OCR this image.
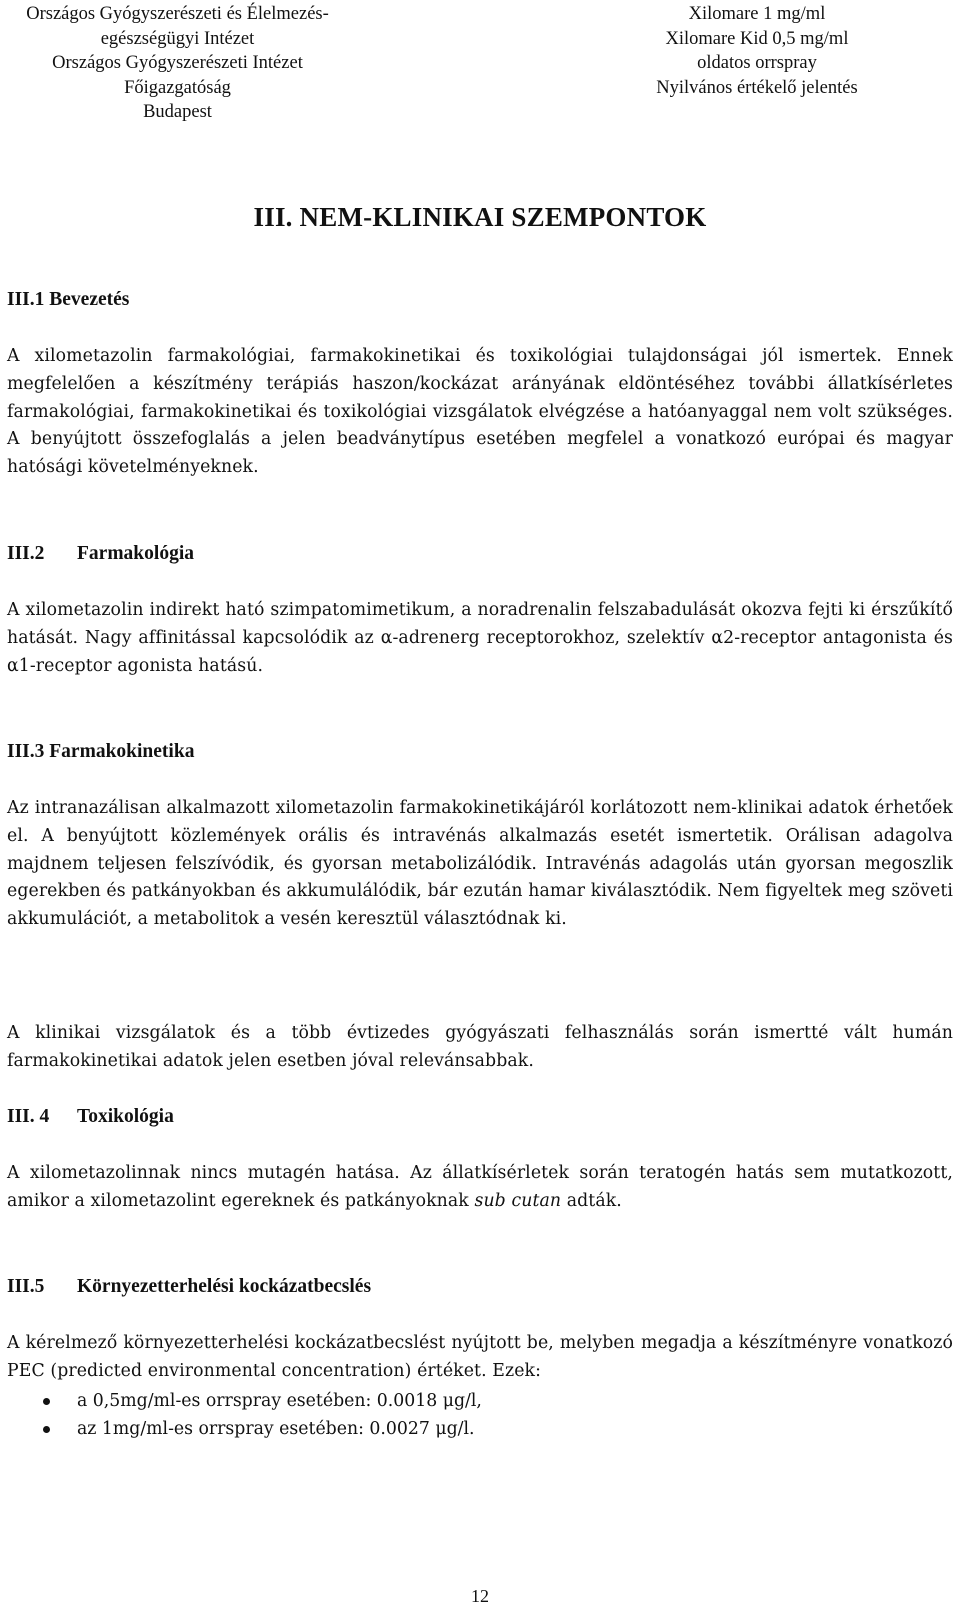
Országos Gyógyszerészeti és Élelmezés-
egészségügyi Intézet
Országos Gyógyszerészeti Intézet
Főigazgatóság
Budapest
Xilomare 1 mg/ml
Xilomare Kid 0,5 mg/ml
oldatos orrspray
Nyilvános értékelő jelentés
III. NEM-KLINIKAI SZEMPONTOK
III.1 Bevezetés
A xilometazolin farmakológiai, farmakokinetikai és toxikológiai tulajdonságai jól ismertek. Ennek megfelelően a készítmény terápiás haszon/kockázat arányának eldöntéséhez további állatkísérletes farmakológiai, farmakokinetikai és toxikológiai vizsgálatok elvégzése a hatóanyaggal nem volt szükséges. A benyújtott összefoglalás a jelen beadványtípus esetében megfelel a vonatkozó európai és magyar hatósági követelményeknek.
III.2 Farmakológia
A xilometazolin indirekt ható szimpatomimetikum, a noradrenalin felszabadulását okozva fejti ki érszűkítő hatását. Nagy affinitással kapcsolódik az α-adrenerg receptorokhoz, szelektív α2-receptor antagonista és α1-receptor agonista hatású.
III.3 Farmakokinetika
Az intranazálisan alkalmazott xilometazolin farmakokinetikájáról korlátozott nem-klinikai adatok érhetőek el. A benyújtott közlemények orális és intravénás alkalmazás esetét ismertetik. Orálisan adagolva majdnem teljesen felszívódik, és gyorsan metabolizálódik. Intravénás adagolás után gyorsan megoszlik egerekben és patkányokban és akkumulálódik, bár ezután hamar kiválasztódik. Nem figyeltek meg szöveti akkumulációt, a metabolitok a vesén keresztül választódnak ki.
A klinikai vizsgálatok és a több évtizedes gyógyászati felhasználás során ismertté vált humán farmakokinetikai adatok jelen esetben jóval relevánsabbak.
III. 4 Toxikológia
A xilometazolinnak nincs mutagén hatása. Az állatkísérletek során teratogén hatás sem mutatkozott, amikor a xilometazolint egereknek és patkányoknak sub cutan adták.
III.5 Környezetterhelési kockázatbecslés
A kérelmező környezetterhelési kockázatbecslést nyújtott be, melyben megadja a készítményre vonatkozó PEC (predicted environmental concentration) értéket. Ezek:
a 0,5mg/ml-es orrspray esetében: 0.0018 μg/l,
az 1mg/ml-es orrspray esetében: 0.0027 μg/l.
12
